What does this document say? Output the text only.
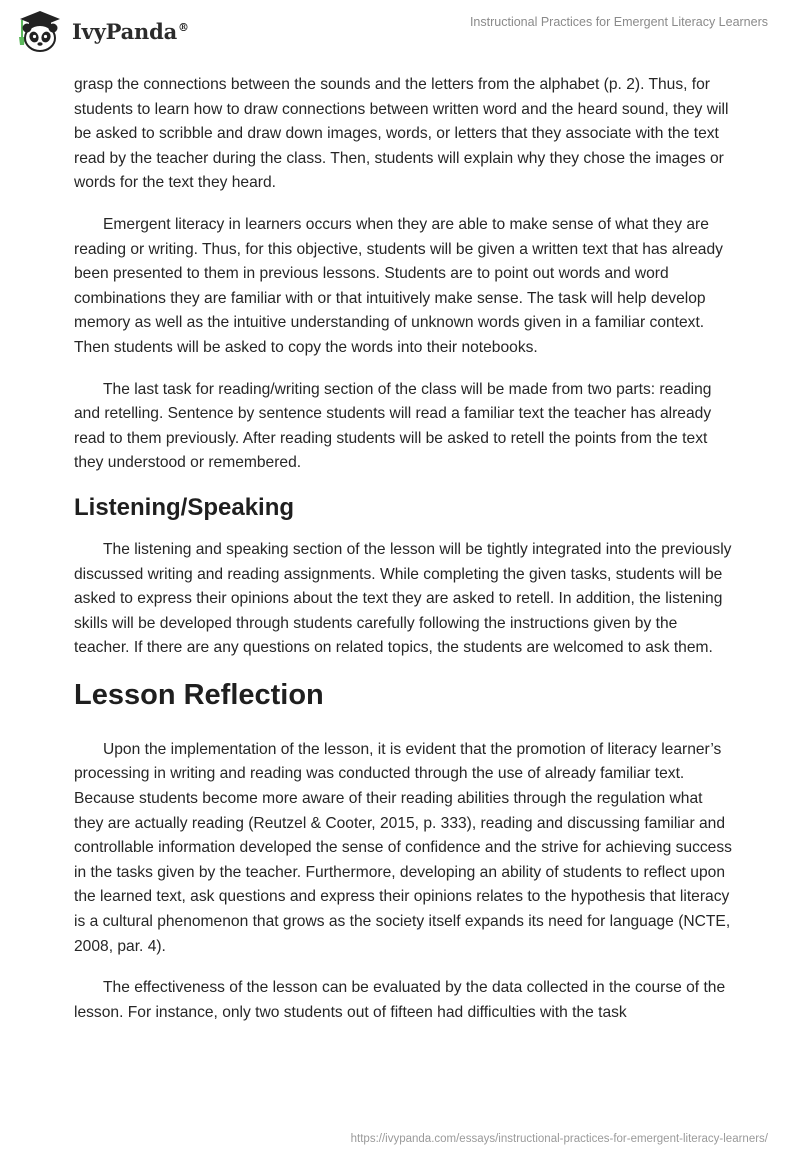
IvyPanda®	Instructional Practices for Emergent Literacy Learners

grasp the connections between the sounds and the letters from the alphabet (p. 2). Thus, for students to learn how to draw connections between written word and the heard sound, they will be asked to scribble and draw down images, words, or letters that they associate with the text read by the teacher during the class. Then, students will explain why they chose the images or words for the text they heard.

Emergent literacy in learners occurs when they are able to make sense of what they are reading or writing. Thus, for this objective, students will be given a written text that has already been presented to them in previous lessons. Students are to point out words and word combinations they are familiar with or that intuitively make sense. The task will help develop memory as well as the intuitive understanding of unknown words given in a familiar context. Then students will be asked to copy the words into their notebooks.

The last task for reading/writing section of the class will be made from two parts: reading and retelling. Sentence by sentence students will read a familiar text the teacher has already read to them previously. After reading students will be asked to retell the points from the text they understood or remembered.

Listening/Speaking

The listening and speaking section of the lesson will be tightly integrated into the previously discussed writing and reading assignments. While completing the given tasks, students will be asked to express their opinions about the text they are asked to retell. In addition, the listening skills will be developed through students carefully following the instructions given by the teacher. If there are any questions on related topics, the students are welcomed to ask them.

Lesson Reflection

Upon the implementation of the lesson, it is evident that the promotion of literacy learner’s processing in writing and reading was conducted through the use of already familiar text. Because students become more aware of their reading abilities through the regulation what they are actually reading (Reutzel & Cooter, 2015, p. 333), reading and discussing familiar and controllable information developed the sense of confidence and the strive for achieving success in the tasks given by the teacher. Furthermore, developing an ability of students to reflect upon the learned text, ask questions and express their opinions relates to the hypothesis that literacy is a cultural phenomenon that grows as the society itself expands its need for language (NCTE, 2008, par. 4).

The effectiveness of the lesson can be evaluated by the data collected in the course of the lesson. For instance, only two students out of fifteen had difficulties with the task

https://ivypanda.com/essays/instructional-practices-for-emergent-literacy-learners/
